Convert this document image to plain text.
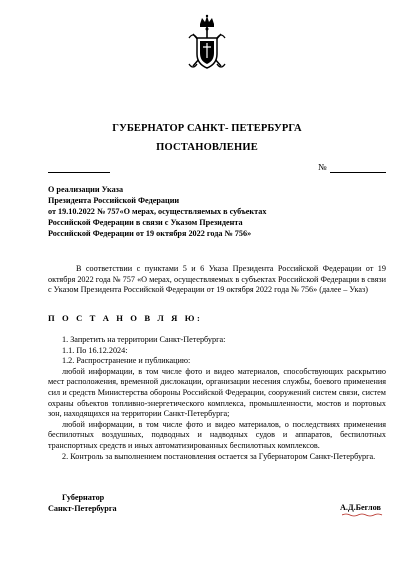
ГУБЕРНАТОР САНКТ- ПЕТЕРБУРГА
ПОСТАНОВЛЕНИЕ
№
О реализации Указа
Президента Российской Федерации
от 19.10.2022 № 757«О мерах, осуществляемых в субъектах
Российской Федерации в связи с Указом Президента
Российской Федерации от 19 октября 2022 года № 756»
В соответствии с пунктами 5 и 6 Указа Президента Российской Федерации от 19 октября 2022 года № 757 «О мерах, осуществляемых в субъектах Российской Федерации в связи с Указом Президента Российской Федерации от 19 октября 2022 года № 756» (далее – Указ)
П О С Т А Н О В Л Я Ю:

1. Запретить на территории Санкт-Петербурга:

1.1. По 16.12.2024:

1.2. Распространение и публикацию:

любой информации, в том числе фото и видео материалов, способствующих раскрытию мест расположения, временной дислокации, организации несения службы, боевого применения сил и средств Министерства обороны Российской Федерации, сооружений систем связи, систем охраны объектов топливно-энергетического комплекса, промышленности, мостов и портовых зон, находящихся на территории Санкт-Петербурга;

любой информации, в том числе фото и видео материалов, о последствиях применения беспилотных воздушных, подводных и надводных судов и аппаратов, беспилотных транспортных средств и иных автоматизированных беспилотных комплексов.

2. Контроль за выполнением постановления остается за Губернатором Санкт-Петербурга.

Губернатор
Санкт-Петербурга	А.Д.Беглов
